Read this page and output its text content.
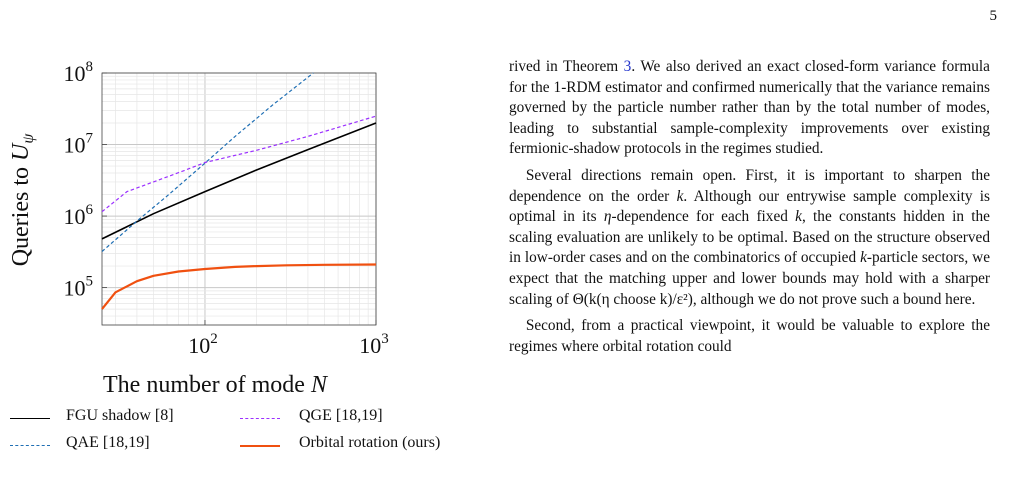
5
$10^2$	$10^3$
$10^5$
$10^6$
$10^7$
$10^8$
Queries to $U_\psi$
The number of mode N
FGU shadow [8]	QGE [18,19]
QAE [18,19]	Orbital rotation (ours)

rived in Theorem 3. We also derived an exact closed-form variance formula for the 1-RDM estimator and confirmed numerically that the variance remains governed by the particle number rather than by the total number of modes, leading to substantial sample-complexity improvements over existing fermionic-shadow protocols in the regimes studied.

Several directions remain open. First, it is important to sharpen the dependence on the order k. Although our entrywise sample complexity is optimal in its η-dependence for each fixed k, the constants hidden in the scaling evaluation are unlikely to be optimal. Based on the structure observed in low-order cases and on the combinatorics of occupied k-particle sectors, we expect that the matching upper and lower bounds may hold with a sharper scaling of Θ(k(η choose k)/ε²), although we do not prove such a bound here.

Second, from a practical viewpoint, it would be valuable to explore the regimes where orbital rotation could
